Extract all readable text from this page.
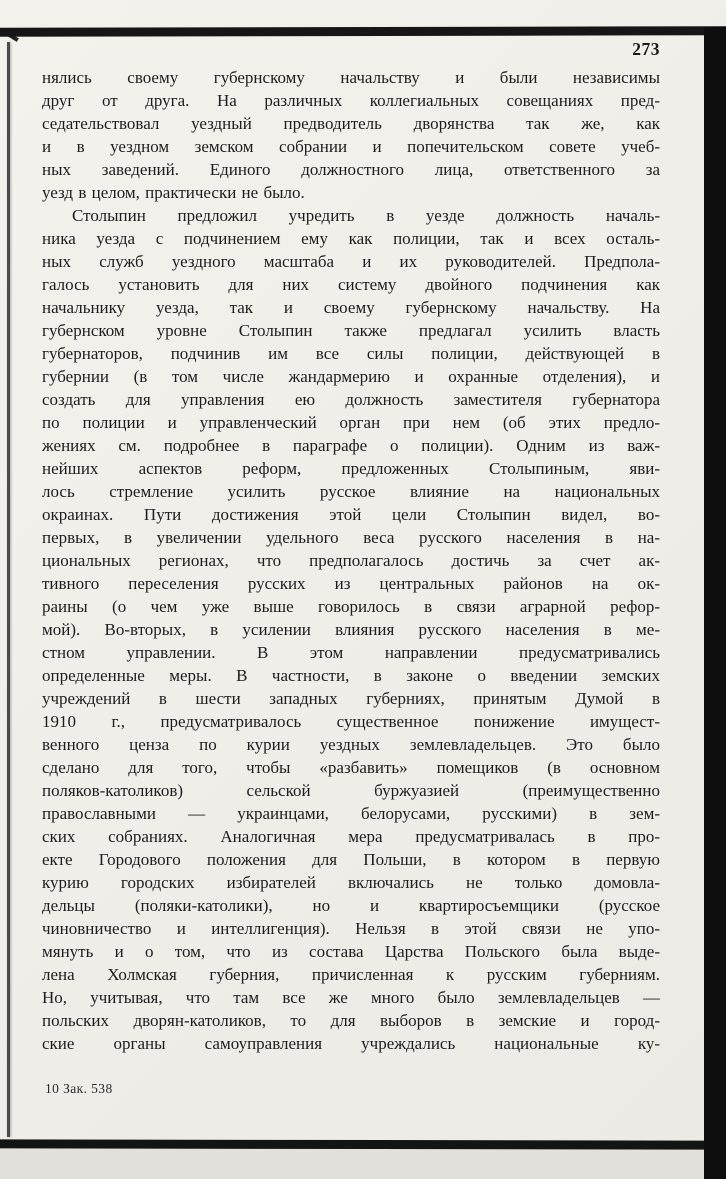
273
нялись своему губернскому начальству и были независимы
друг от друга. На различных коллегиальных совещаниях пред-
седательствовал уездный предводитель дворянства так же, как
и в уездном земском собрании и попечительском совете учеб-
ных заведений. Единого должностного лица, ответственного за
уезд в целом, практически не было.
Столыпин предложил учредить в уезде должность началь-
ника уезда с подчинением ему как полиции, так и всех осталь-
ных служб уездного масштаба и их руководителей. Предпола-
галось установить для них систему двойного подчинения как
начальнику уезда, так и своему губернскому начальству. На
губернском уровне Столыпин также предлагал усилить власть
губернаторов, подчинив им все силы полиции, действующей в
губернии (в том числе жандармерию и охранные отделения), и
создать для управления ею должность заместителя губернатора
по полиции и управленческий орган при нем (об этих предло-
жениях см. подробнее в параграфе о полиции). Одним из важ-
нейших аспектов реформ, предложенных Столыпиным, яви-
лось стремление усилить русское влияние на национальных
окраинах. Пути достижения этой цели Столыпин видел, во-
первых, в увеличении удельного веса русского населения в на-
циональных регионах, что предполагалось достичь за счет ак-
тивного переселения русских из центральных районов на ок-
раины (о чем уже выше говорилось в связи аграрной рефор-
мой). Во-вторых, в усилении влияния русского населения в ме-
стном управлении. В этом направлении предусматривались
определенные меры. В частности, в законе о введении земских
учреждений в шести западных губерниях, принятым Думой в
1910 г., предусматривалось существенное понижение имущест-
венного ценза по курии уездных землевладельцев. Это было
сделано для того, чтобы «разбавить» помещиков (в основном
поляков-католиков) сельской буржуазией (преимущественно
православными — украинцами, белорусами, русскими) в зем-
ских собраниях. Аналогичная мера предусматривалась в про-
екте Городового положения для Польши, в котором в первую
курию городских избирателей включались не только домовла-
дельцы (поляки-католики), но и квартиросъемщики (русское
чиновничество и интеллигенция). Нельзя в этой связи не упо-
мянуть и о том, что из состава Царства Польского была выде-
лена Холмская губерния, причисленная к русским губерниям.
Но, учитывая, что там все же много было землевладельцев —
польских дворян-католиков, то для выборов в земские и город-
ские органы самоуправления учреждались национальные ку-
10 Зак. 538
